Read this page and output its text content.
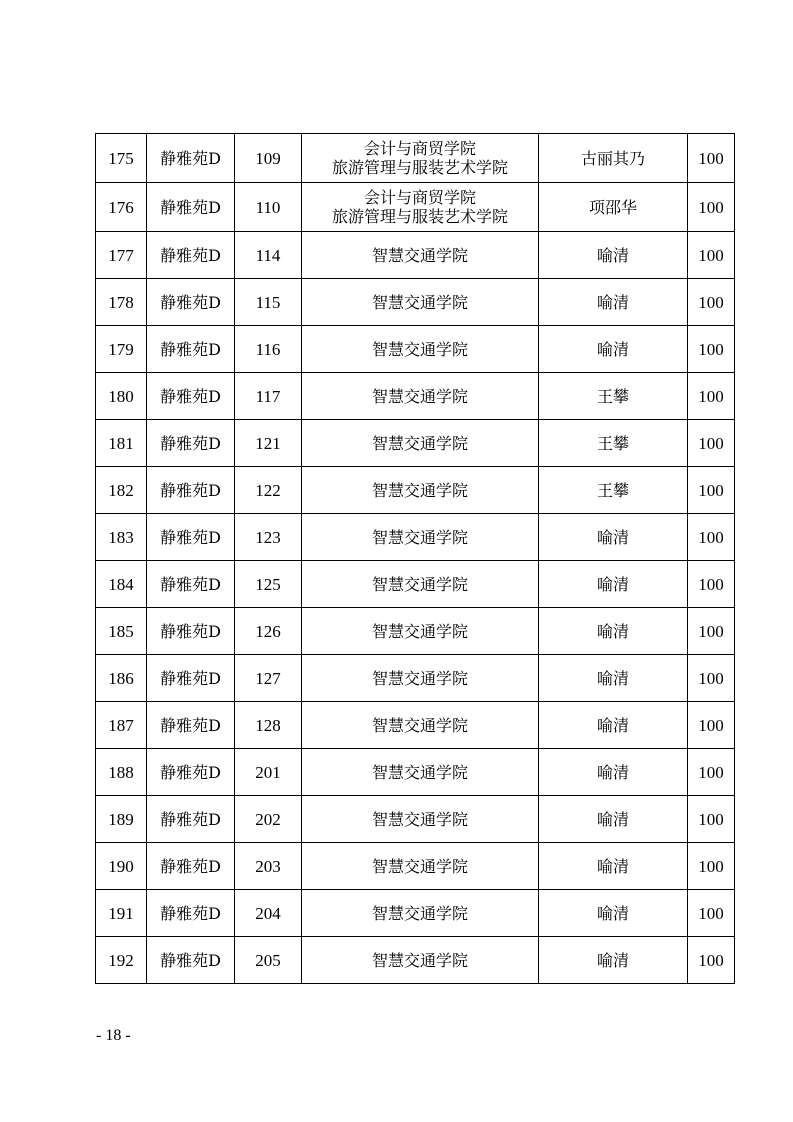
175	静雅苑D	109	会计与商贸学院
旅游管理与服装艺术学院	古丽其乃	100
176	静雅苑D	110	会计与商贸学院
旅游管理与服装艺术学院	项邵华	100
177	静雅苑D	114	智慧交通学院	喻清	100
178	静雅苑D	115	智慧交通学院	喻清	100
179	静雅苑D	116	智慧交通学院	喻清	100
180	静雅苑D	117	智慧交通学院	王攀	100
181	静雅苑D	121	智慧交通学院	王攀	100
182	静雅苑D	122	智慧交通学院	王攀	100
183	静雅苑D	123	智慧交通学院	喻清	100
184	静雅苑D	125	智慧交通学院	喻清	100
185	静雅苑D	126	智慧交通学院	喻清	100
186	静雅苑D	127	智慧交通学院	喻清	100
187	静雅苑D	128	智慧交通学院	喻清	100
188	静雅苑D	201	智慧交通学院	喻清	100
189	静雅苑D	202	智慧交通学院	喻清	100
190	静雅苑D	203	智慧交通学院	喻清	100
191	静雅苑D	204	智慧交通学院	喻清	100
192	静雅苑D	205	智慧交通学院	喻清	100
- 18 -
